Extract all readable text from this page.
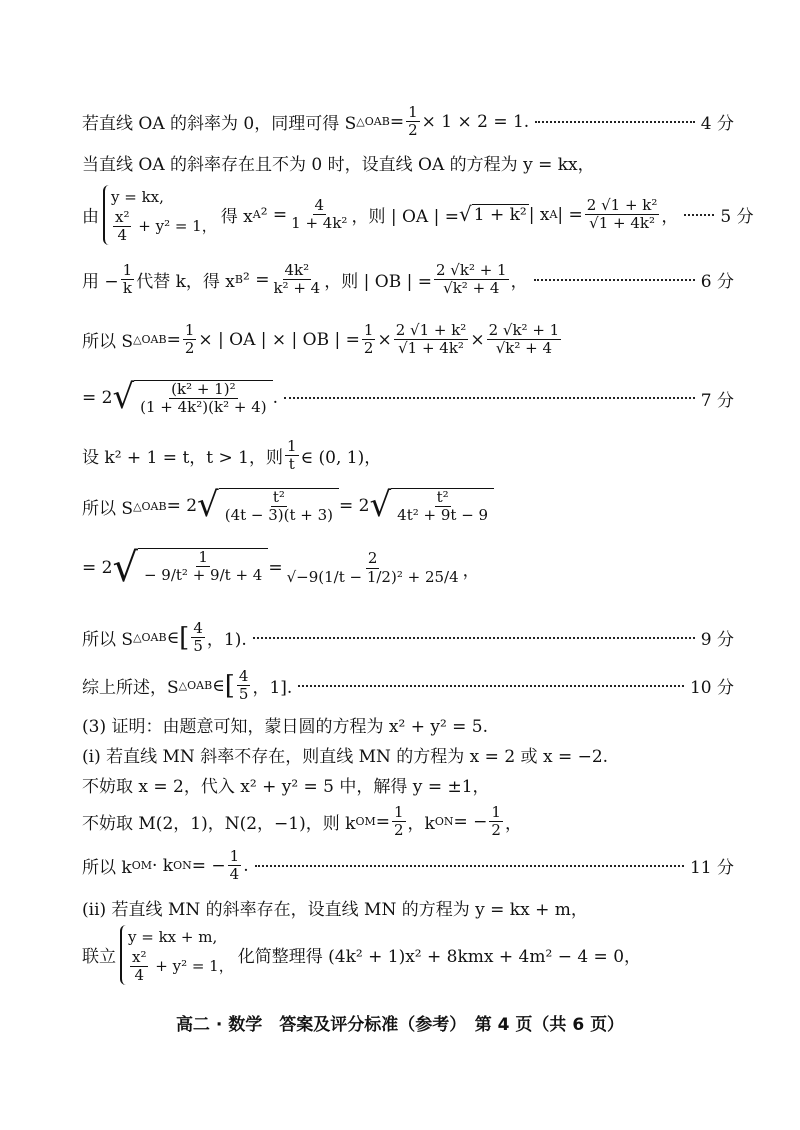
若直线 OA 的斜率为 0，同理可得 S △OAB = $\frac{1}{2} \times 1 \times 2 = 1$.	4 分
当直线 OA 的斜率存在且不为 0 时，设直线 OA 的方程为 y = kx，
由
y = kx,
$\frac{\text{x²}}{4} + y^2 = 1$， 得 x A $^2 = \frac{4}{\text{1 + 4k²}}$ ，则 | OA | = √ 1 + k² | x A | = $\frac{\text{2 √1 + k²}}{\text{√1 + 4k²}}$ ， 5 分
用 − $\frac{1}{k}$ 代替 k，得 x B $^2 = \frac{\text{4k²}}{\text{k² + 4}}$ ，则 | OB | = $\frac{\text{2 √k² + 1}}{\text{√k² + 4}}$ ，	6 分
所以 S △OAB = $\frac{1}{2}$ × | OA | × | OB | = $\frac{1}{2} \times \frac{\text{2 √1 + k²}}{\text{√1 + 4k²}} \times \frac{\text{2 √k² + 1}}{\text{√k² + 4}}$
= 2 √ $\frac{\text{(k² + 1)²}}{\text{(1 + 4k²)(k² + 4)}}$ .	7 分
设 k² + 1 = t，t > 1，则 $\frac{1}{t}$ ∈ (0, 1)，
所以 S △OAB = 2 √ $\frac{\text{t²}}{(4t - 3)(t + 3)} = 2$ √ $\frac{\text{t²}}{\text{4t² + 9t − 9}}$
= 2 √ $\frac{1}{\text{− 9/t² + 9/t + 4}} = \frac{2}{\text{√−9(1/t − 1/2)² + 25/4}}$ ，
所以 S △OAB ∈ [ $\frac{4}{5}$ ，1).	9 分
综上所述，S △OAB ∈ [ $\frac{4}{5}$ ，1].	10 分
(3) 证明：由题意可知，蒙日圆的方程为 x² + y² = 5.
(i) 若直线 MN 斜率不存在，则直线 MN 的方程为 x = 2 或 x = −2.
不妨取 x = 2，代入 x² + y² = 5 中，解得 y = ±1，
不妨取 M(2，1)，N(2，−1)，则 k OM = $\frac{1}{2}$ ，k ON = − $\frac{1}{2}$ ，
所以 k OM · k ON = − $\frac{1}{4}$ .	11 分
(ii) 若直线 MN 的斜率存在，设直线 MN 的方程为 y = kx + m，
联立
y = kx + m,
$\frac{\text{x²}}{4} + y^2 = 1$， 化简整理得 (4k² + 1)x² + 8kmx + 4m² − 4 = 0，
高二 · 数学　答案及评分标准（参考）　第 4 页（共 6 页）
